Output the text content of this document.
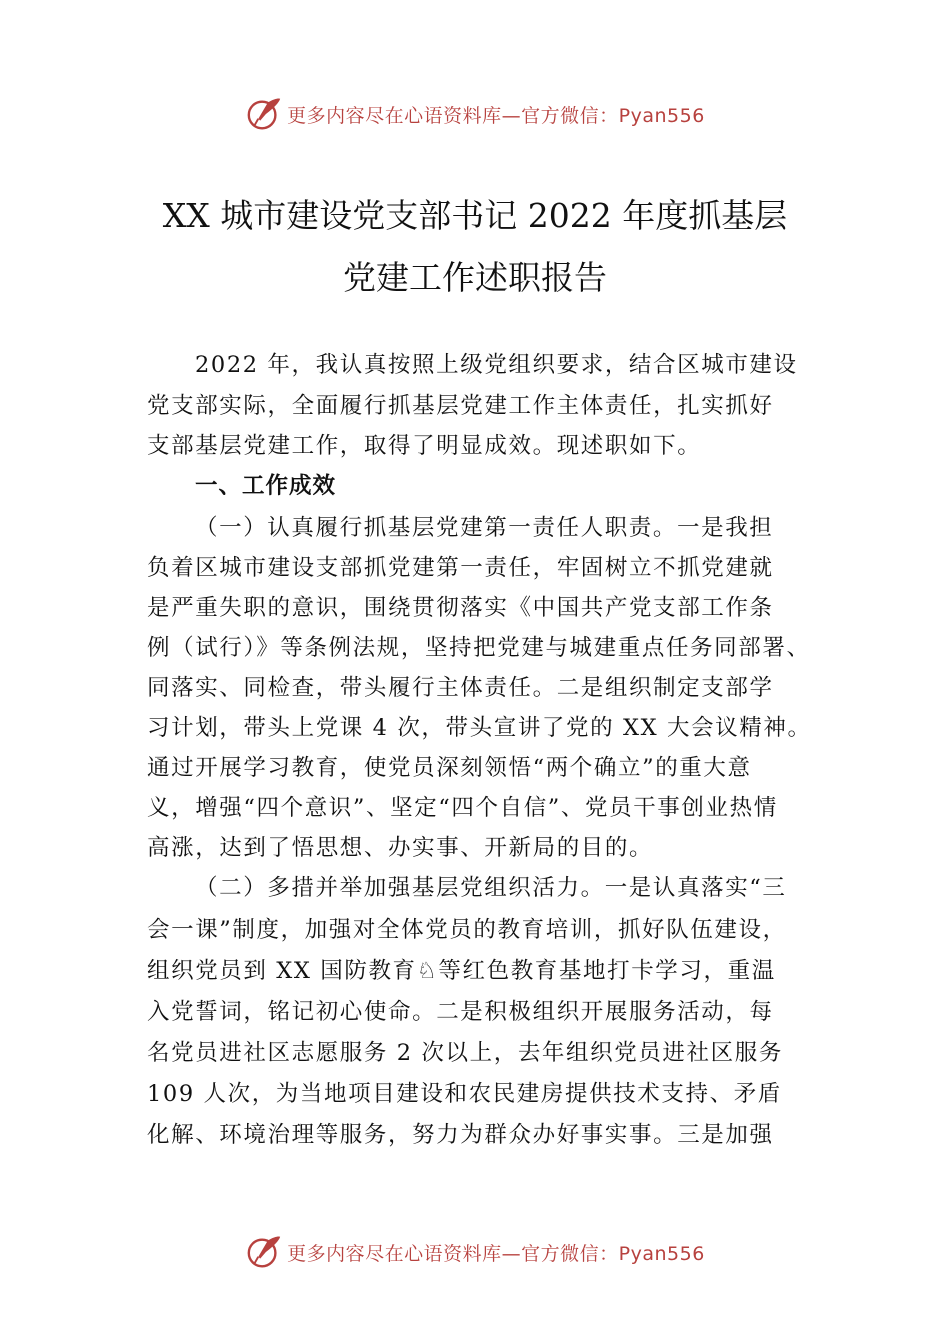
更多内容尽在心语资料库—官方微信：Pyan556
XX 城市建设党支部书记 2022 年度抓基层
党建工作述职报告
2022 年，我认真按照上级党组织要求，结合区城市建设
党支部实际，全面履行抓基层党建工作主体责任，扎实抓好
支部基层党建工作，取得了明显成效。现述职如下。
一、工作成效
（一）认真履行抓基层党建第一责任人职责。一是我担
负着区城市建设支部抓党建第一责任，牢固树立不抓党建就
是严重失职的意识，围绕贯彻落实《中国共产党支部工作条
例（试行）》等条例法规，坚持把党建与城建重点任务同部署、
同落实、同检查，带头履行主体责任。二是组织制定支部学
习计划，带头上党课 4 次，带头宣讲了党的 XX 大会议精神。
通过开展学习教育，使党员深刻领悟“两个确立”的重大意
义，增强“四个意识”、坚定“四个自信”、党员干事创业热情
高涨，达到了悟思想、办实事、开新局的目的。
（二）多措并举加强基层党组织活力。一是认真落实“三
会一课”制度，加强对全体党员的教育培训，抓好队伍建设，
组织党员到 XX 国防教育♘等红色教育基地打卡学习，重温
入党誓词，铭记初心使命。二是积极组织开展服务活动，每
名党员进社区志愿服务 2 次以上，去年组织党员进社区服务
109 人次，为当地项目建设和农民建房提供技术支持、矛盾
化解、环境治理等服务，努力为群众办好事实事。三是加强
更多内容尽在心语资料库—官方微信：Pyan556
